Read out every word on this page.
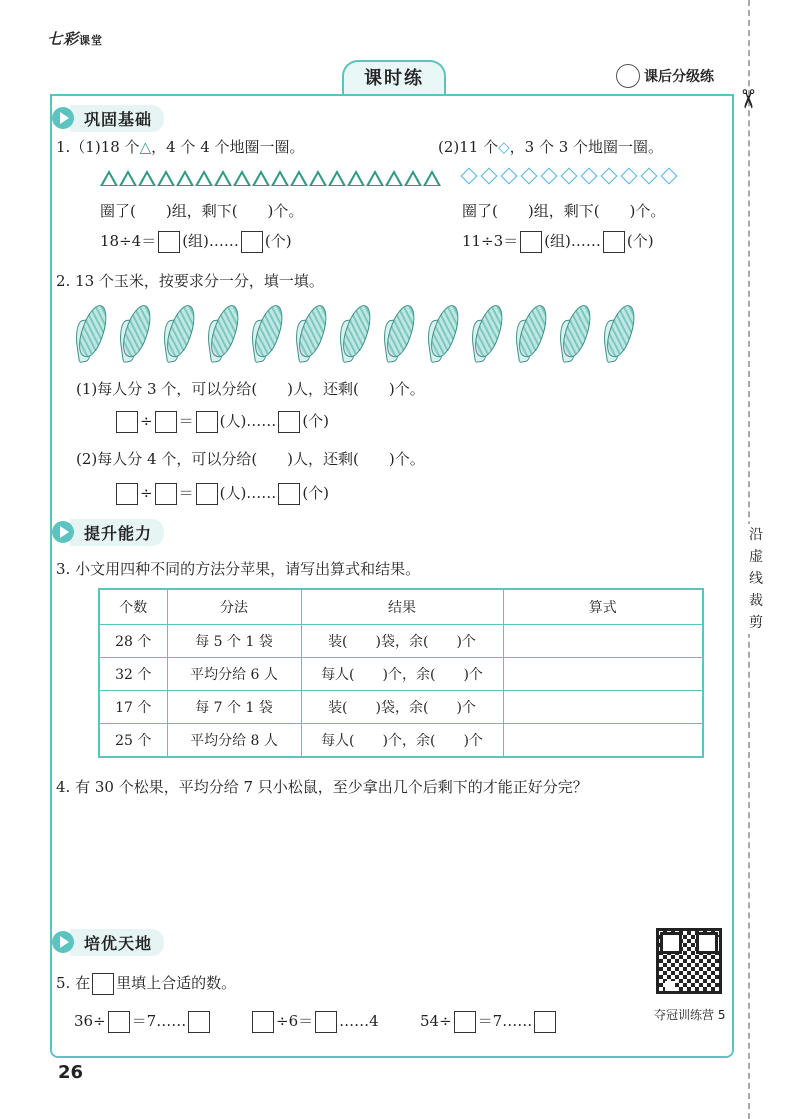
七彩课堂
课时练	课后分级练
✂
沿虚线裁剪
巩固基础
1.（1)18 个△，4 个 4 个地圈一圈。
圈了(　　)组，剩下(　　)个。
18÷4＝ (组)…… (个)
(2)11 个◇，3 个 3 个地圈一圈。
圈了(　　)组，剩下(　　)个。
11÷3＝ (组)…… (个)
2. 13 个玉米，按要求分一分，填一填。
(1)每人分 3 个，可以分给(　　)人，还剩(　　)个。
÷ ＝ (人)…… (个)
(2)每人分 4 个，可以分给(　　)人，还剩(　　)个。
÷ ＝ (人)…… (个)
提升能力
3. 小文用四种不同的方法分苹果，请写出算式和结果。
个数	分法	结果	算式
28 个	每 5 个 1 袋	装(　　)袋，余(　　)个	
32 个	平均分给 6 人	每人(　　)个，余(　　)个	
17 个	每 7 个 1 袋	装(　　)袋，余(　　)个	
25 个	平均分给 8 人	每人(　　)个，余(　　)个	
4. 有 30 个松果，平均分给 7 只小松鼠，至少拿出几个后剩下的才能正好分完？
培优天地
5. 在 里填上合适的数。
36÷ ＝7……	÷6＝ ……4	54÷ ＝7……	夺冠训练营 5
26
